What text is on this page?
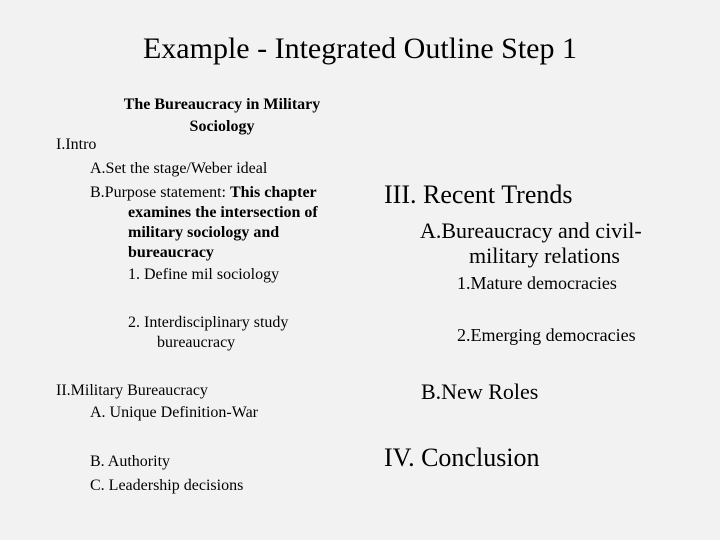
Example - Integrated Outline Step 1
The Bureaucracy in Military
Sociology
I.Intro
A.Set the stage/Weber ideal
B.Purpose statement: This chapter
examines the intersection of
military sociology and
bureaucracy
1. Define mil sociology
2. Interdisciplinary study
bureaucracy
II.Military Bureaucracy
A. Unique Definition-War
B. Authority
C. Leadership decisions
III. Recent Trends
A.Bureaucracy and civil-
military relations
1.Mature democracies
2.Emerging democracies
B.New Roles
IV. Conclusion
